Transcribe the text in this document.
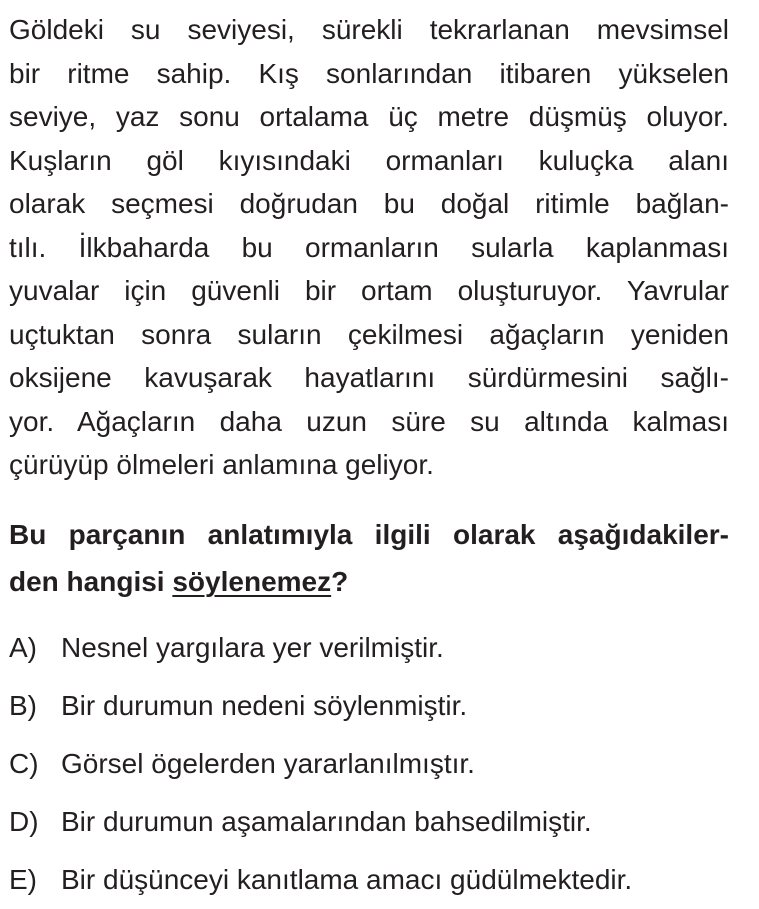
Göldeki su seviyesi, sürekli tekrarlanan mevsimsel
bir ritme sahip. Kış sonlarından itibaren yükselen
seviye, yaz sonu ortalama üç metre düşmüş oluyor.
Kuşların göl kıyısındaki ormanları kuluçka alanı
olarak seçmesi doğrudan bu doğal ritimle bağlan-
tılı. İlkbaharda bu ormanların sularla kaplanması
yuvalar için güvenli bir ortam oluşturuyor. Yavrular
uçtuktan sonra suların çekilmesi ağaçların yeniden
oksijene kavuşarak hayatlarını sürdürmesini sağlı-
yor. Ağaçların daha uzun süre su altında kalması
çürüyüp ölmeleri anlamına geliyor.
Bu parçanın anlatımıyla ilgili olarak aşağıdakiler-
den hangisi söylenemez?
A) Nesnel yargılara yer verilmiştir.
B) Bir durumun nedeni söylenmiştir.
C) Görsel ögelerden yararlanılmıştır.
D) Bir durumun aşamalarından bahsedilmiştir.
E) Bir düşünceyi kanıtlama amacı güdülmektedir.
